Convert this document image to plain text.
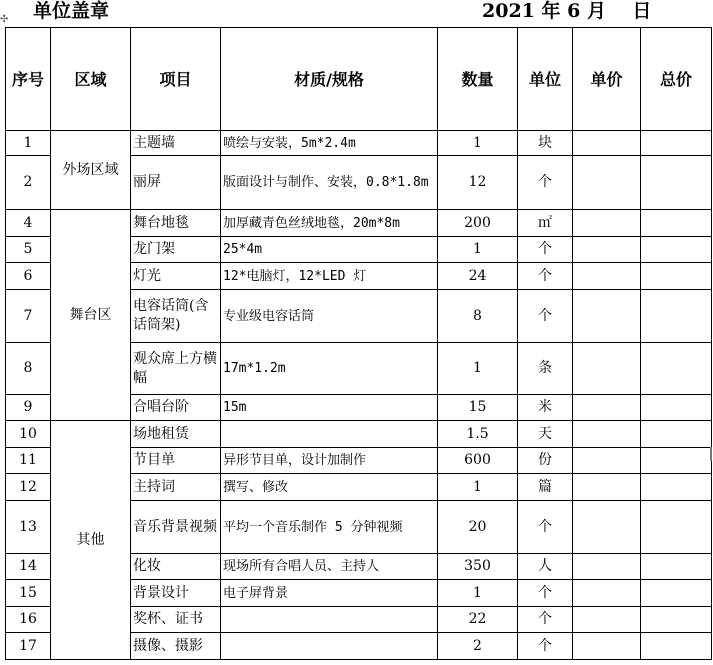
✣ 单位盖章	2021 年 6 月    日
序号	区域	项目	材质/规格	数量	单位	单价	总价
1	外场区域	主题墙	喷绘与安装，5m*2.4m	1	块		
2		丽屏	版面设计与制作、安装，0.8*1.8m	12	个		
4	舞台区	舞台地毯	加厚藏青色丝绒地毯，20m*8m	200	㎡		
5		龙门架	25*4m	1	个		
6		灯光	12*电脑灯，12*LED 灯	24	个		
7		电容话筒(含话筒架)	专业级电容话筒	8	个		
8		观众席上方横幅	17m*1.2m	1	条		
9		合唱台阶	15m	15	米		
10	其他	场地租赁		1.5	天		
11		节目单	异形节目单，设计加制作	600	份		
12		主持词	撰写、修改	1	篇		
13		音乐背景视频	平均一个音乐制作 5 分钟视频	20	个		
14		化妆	现场所有合唱人员、主持人	350	人		
15		背景设计	电子屏背景	1	个		
16		奖杯、证书		22	个		
17		摄像、摄影		2	个		
